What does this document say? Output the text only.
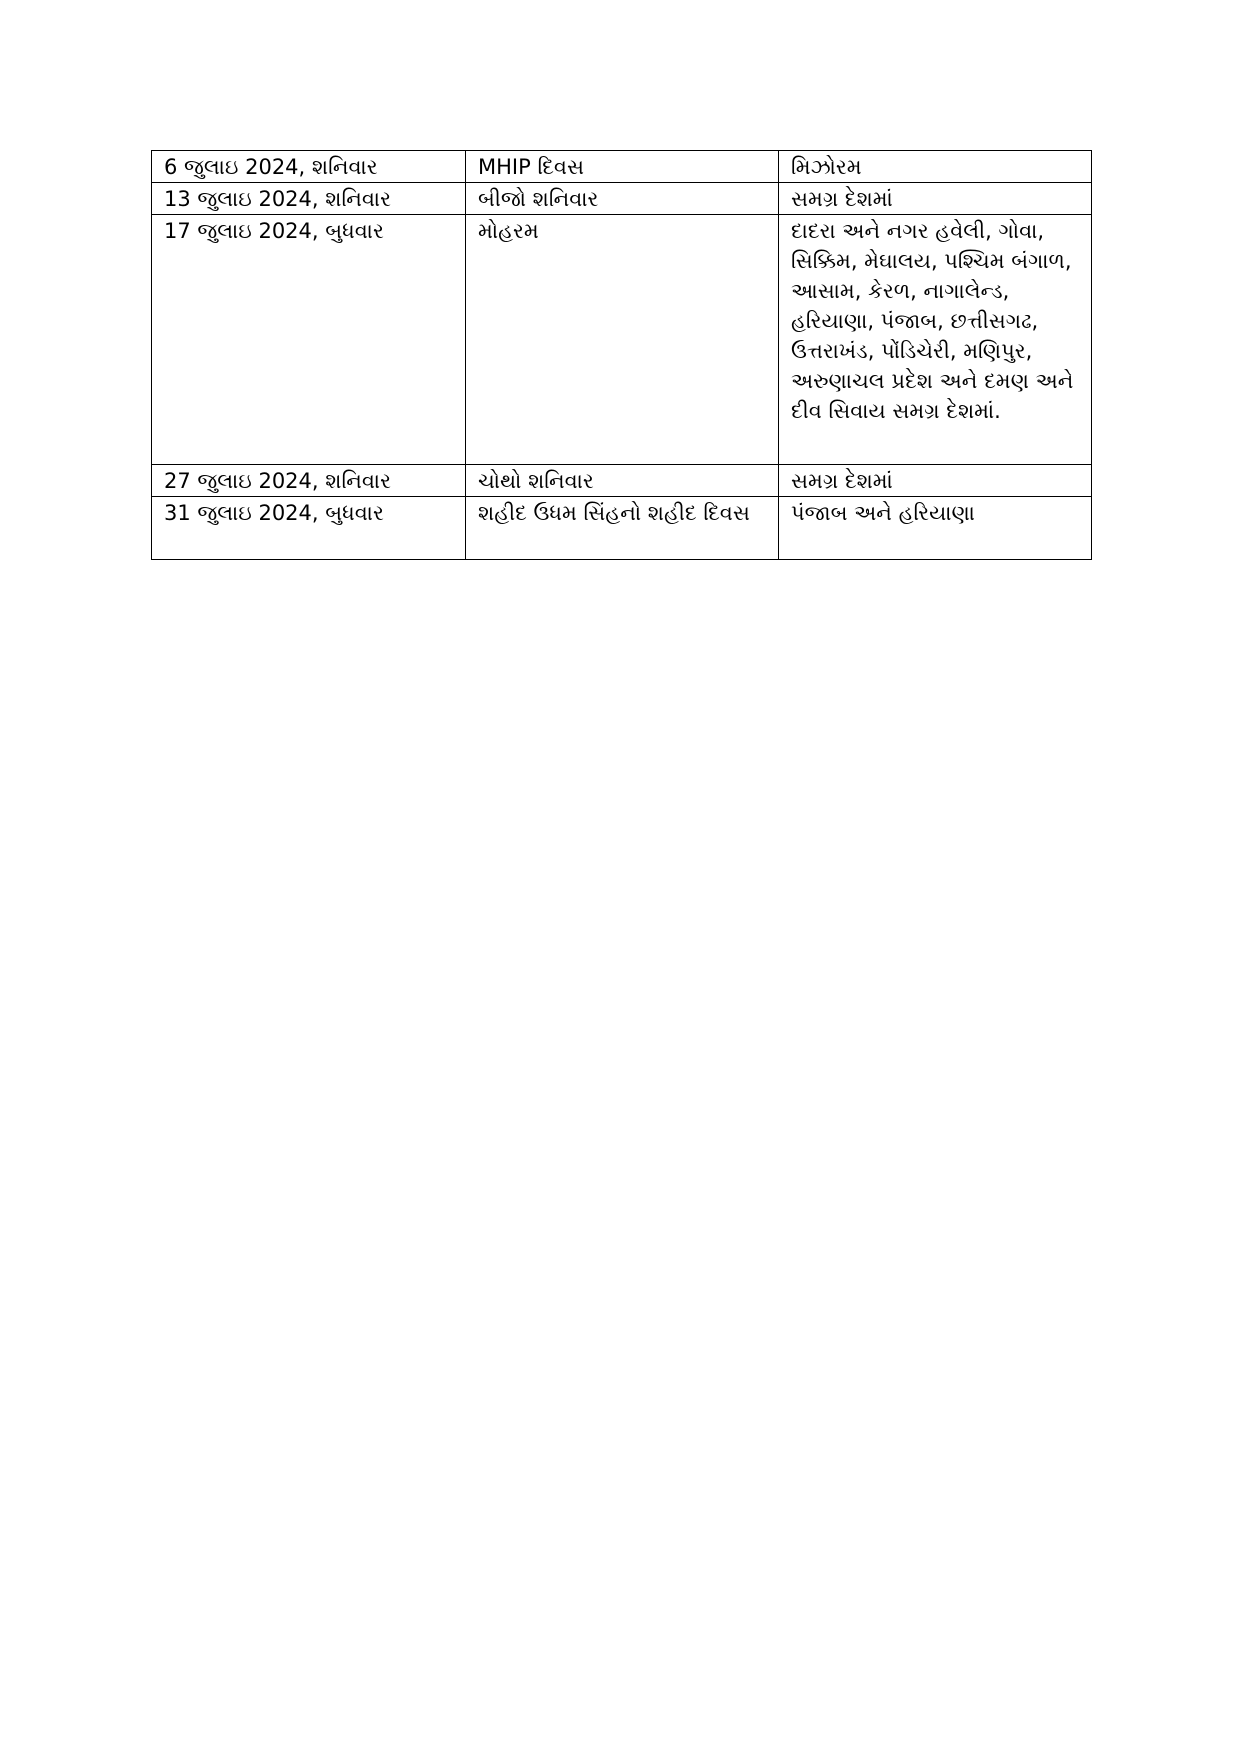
6 જુલાઇ 2024, શનિવાર	MHIP દિવસ	મિઝોરમ
13 જુલાઇ 2024, શનિવાર	બીજો શનિવાર	સમગ્ર દેશમાં
17 જુલાઇ 2024, બુધવાર	મોહરમ	દાદરા અને નગર હવેલી, ગોવા, સિક્કિમ, મેઘાલય, પશ્ચિમ બંગાળ, આસામ, કેરળ, નાગાલેન્ડ, હરિયાણા, પંજાબ, છત્તીસગઢ, ઉત્તરાખંડ, પોંડિચેરી, મણિપુર, અરુણાચલ પ્રદેશ અને દમણ અને દીવ સિવાય સમગ્ર દેશમાં.
27 જુલાઇ 2024, શનિવાર	ચોથો શનિવાર	સમગ્ર દેશમાં
31 જુલાઇ 2024, બુધવાર	શહીદ ઉધમ સિંહનો શહીદ દિવસ	પંજાબ અને હરિયાણા
